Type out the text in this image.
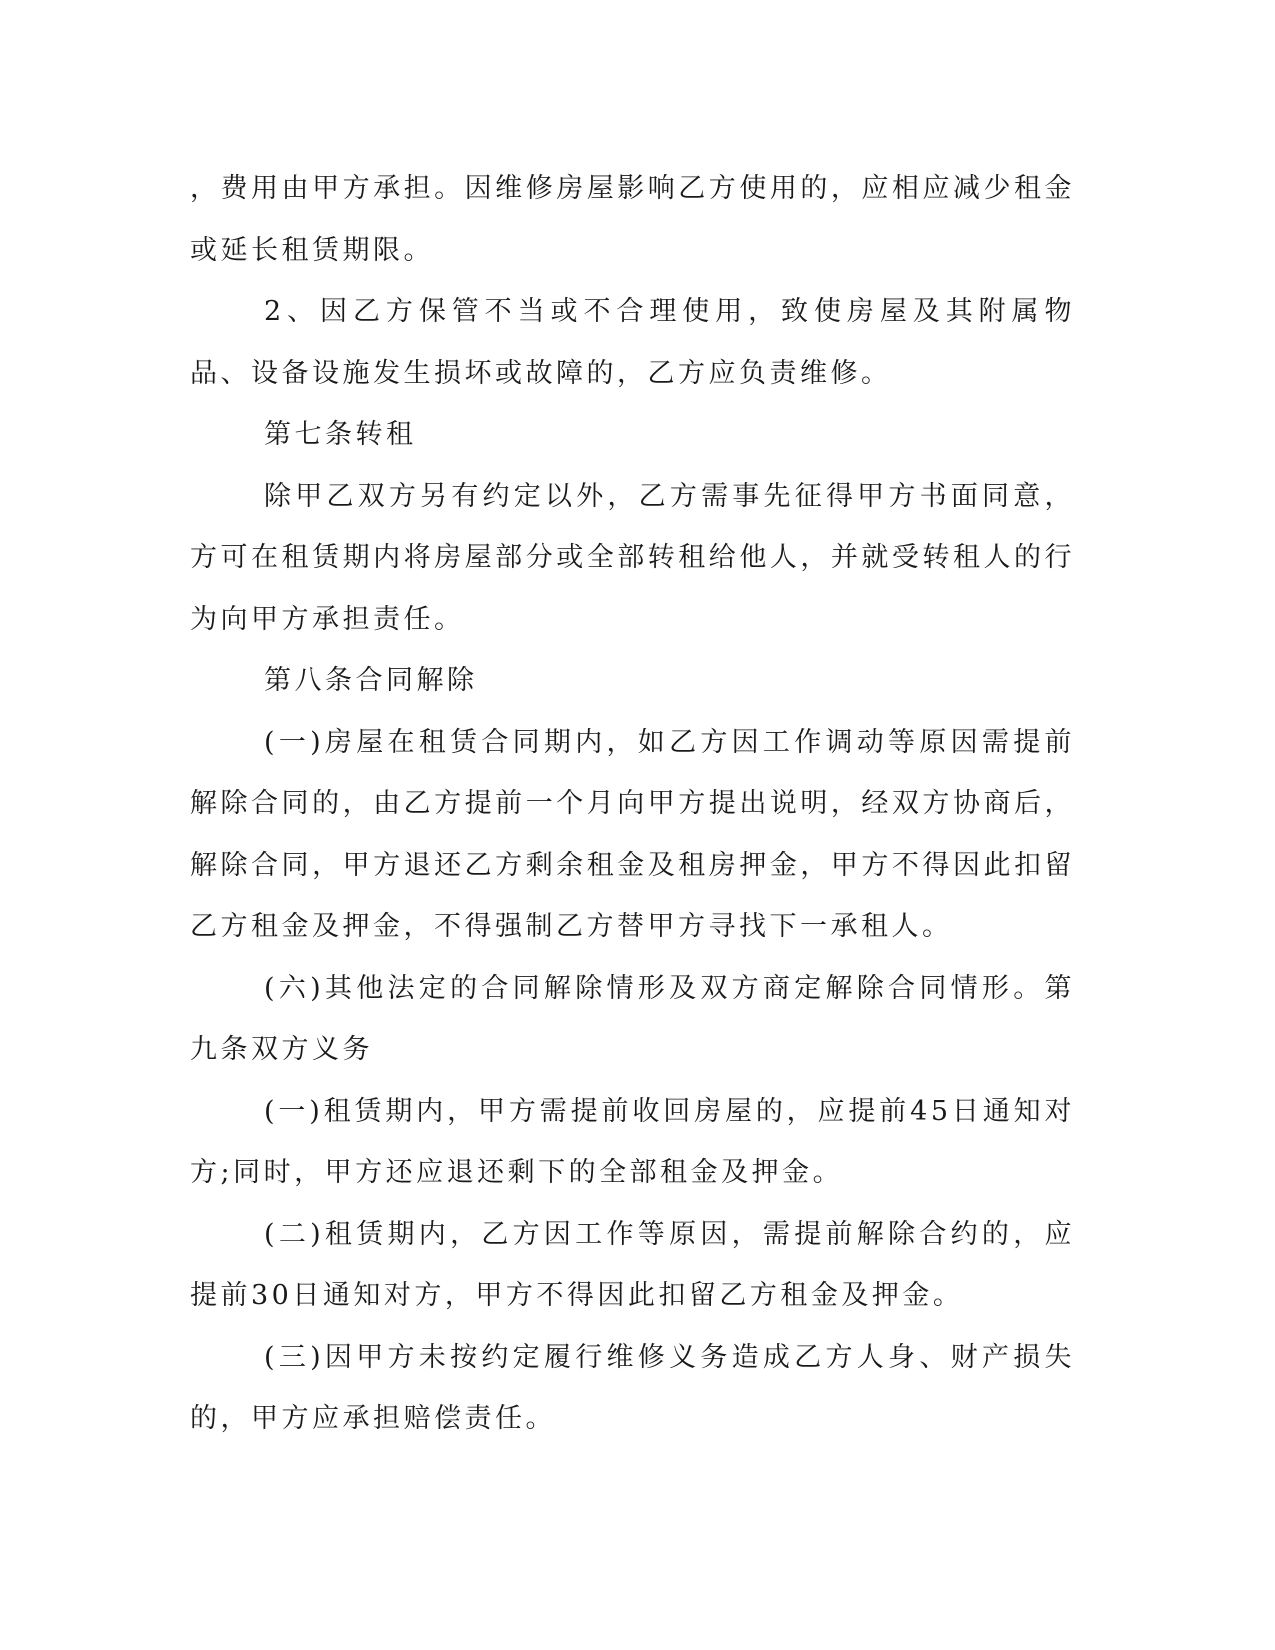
，费用由甲方承担。因维修房屋影响乙方使用的，应相应减少租金或延长租赁期限。

2、因乙方保管不当或不合理使用，致使房屋及其附属物品、设备设施发生损坏或故障的，乙方应负责维修。

第七条转租

除甲乙双方另有约定以外，乙方需事先征得甲方书面同意，方可在租赁期内将房屋部分或全部转租给他人，并就受转租人的行为向甲方承担责任。

第八条合同解除

(一)房屋在租赁合同期内，如乙方因工作调动等原因需提前解除合同的，由乙方提前一个月向甲方提出说明，经双方协商后，解除合同，甲方退还乙方剩余租金及租房押金，甲方不得因此扣留乙方租金及押金，不得强制乙方替甲方寻找下一承租人。

(六)其他法定的合同解除情形及双方商定解除合同情形。第九条双方义务

(一)租赁期内，甲方需提前收回房屋的，应提前45日通知对方;同时，甲方还应退还剩下的全部租金及押金。

(二)租赁期内，乙方因工作等原因，需提前解除合约的，应提前30日通知对方，甲方不得因此扣留乙方租金及押金。

(三)因甲方未按约定履行维修义务造成乙方人身、财产损失的，甲方应承担赔偿责任。
